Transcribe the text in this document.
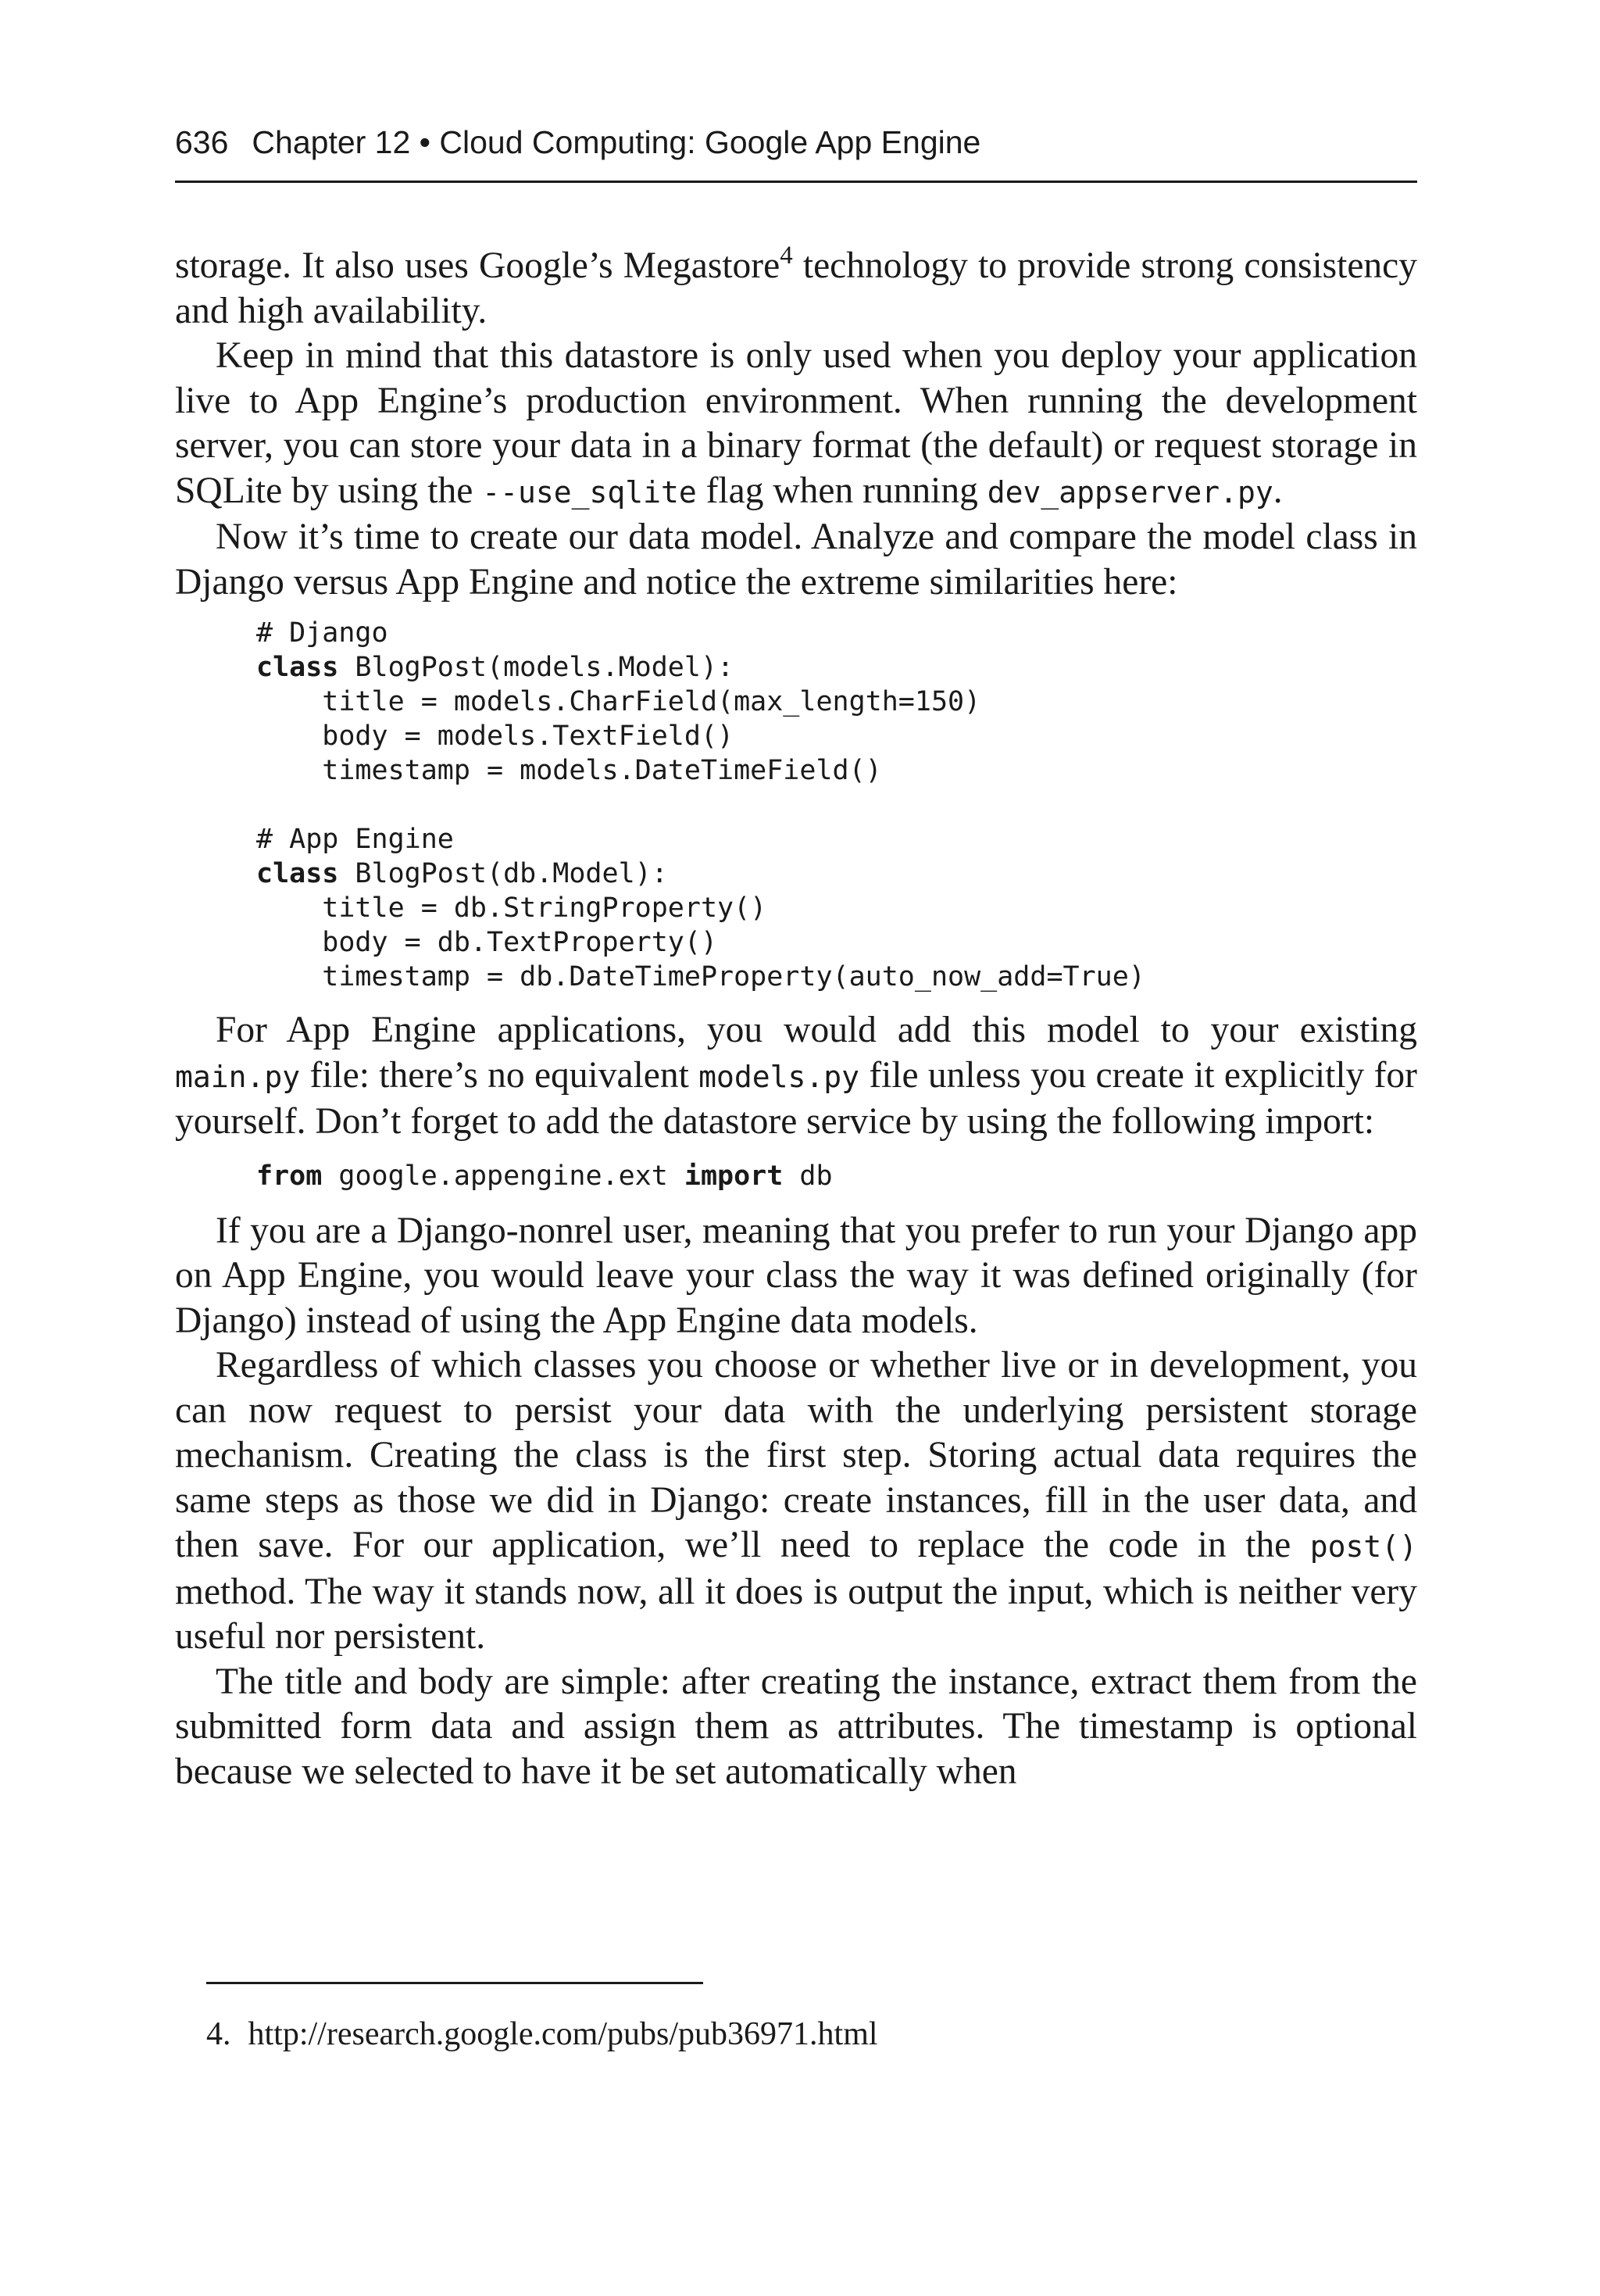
636 Chapter 12 • Cloud Computing: Google App Engine

storage. It also uses Google’s Megastore$^4$ technology to provide strong consistency and high availability.

Keep in mind that this datastore is only used when you deploy your application live to App Engine’s production environment. When running the development server, you can store your data in a binary format (the default) or request storage in SQLite by using the --use_sqlite flag when running dev_appserver.py.

Now it’s time to create our data model. Analyze and compare the model class in Django versus App Engine and notice the extreme similarities here:

# Django
class BlogPost(models.Model):
title = models.CharField(max_length=150)
body = models.TextField()
timestamp = models.DateTimeField()

# App Engine
class BlogPost(db.Model):
title = db.StringProperty()
body = db.TextProperty()
timestamp = db.DateTimeProperty(auto_now_add=True)

For App Engine applications, you would add this model to your existing main.py file: there’s no equivalent models.py file unless you create it explicitly for yourself. Don’t forget to add the datastore service by using the following import:

from google.appengine.ext import db

If you are a Django-nonrel user, meaning that you prefer to run your Django app on App Engine, you would leave your class the way it was defined originally (for Django) instead of using the App Engine data models.

Regardless of which classes you choose or whether live or in development, you can now request to persist your data with the underlying persistent storage mechanism. Creating the class is the first step. Storing actual data requires the same steps as those we did in Django: create instances, fill in the user data, and then save. For our application, we’ll need to replace the code in the post() method. The way it stands now, all it does is output the input, which is neither very useful nor persistent.

The title and body are simple: after creating the instance, extract them from the submitted form data and assign them as attributes. The timestamp is optional because we selected to have it be set automatically when

4. http://research.google.com/pubs/pub36971.html
